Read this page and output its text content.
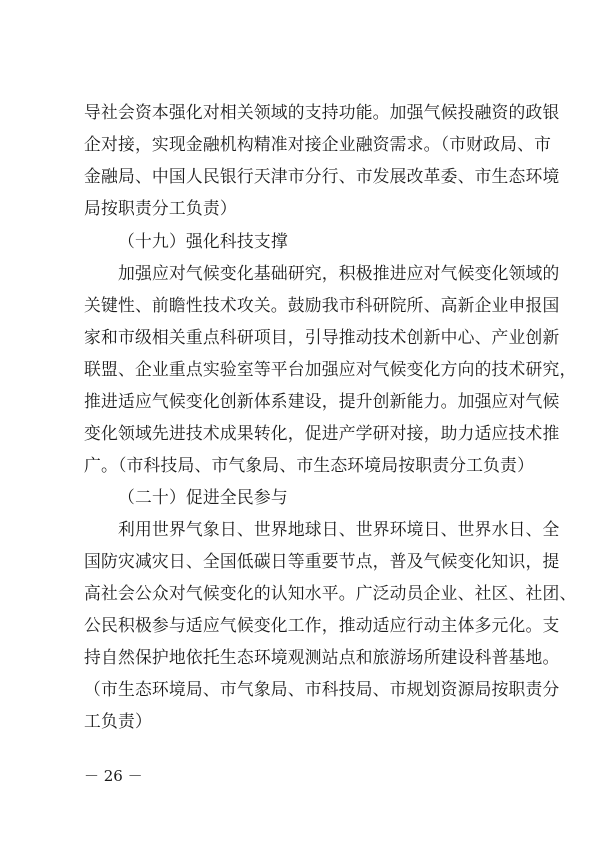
导社会资本强化对相关领域的支持功能。加强气候投融资的政银
企对接，实现金融机构精准对接企业融资需求。（市财政局、市
金融局、中国人民银行天津市分行、市发展改革委、市生态环境
局按职责分工负责）
（十九）强化科技支撑
加强应对气候变化基础研究，积极推进应对气候变化领域的
关键性、前瞻性技术攻关。鼓励我市科研院所、高新企业申报国
家和市级相关重点科研项目，引导推动技术创新中心、产业创新
联盟、企业重点实验室等平台加强应对气候变化方向的技术研究，
推进适应气候变化创新体系建设，提升创新能力。加强应对气候
变化领域先进技术成果转化，促进产学研对接，助力适应技术推
广。（市科技局、市气象局、市生态环境局按职责分工负责）
（二十）促进全民参与
利用世界气象日、世界地球日、世界环境日、世界水日、全
国防灾减灾日、全国低碳日等重要节点，普及气候变化知识，提
高社会公众对气候变化的认知水平。广泛动员企业、社区、社团、
公民积极参与适应气候变化工作，推动适应行动主体多元化。支
持自然保护地依托生态环境观测站点和旅游场所建设科普基地。
（市生态环境局、市气象局、市科技局、市规划资源局按职责分
工负责）
－ 26 －
